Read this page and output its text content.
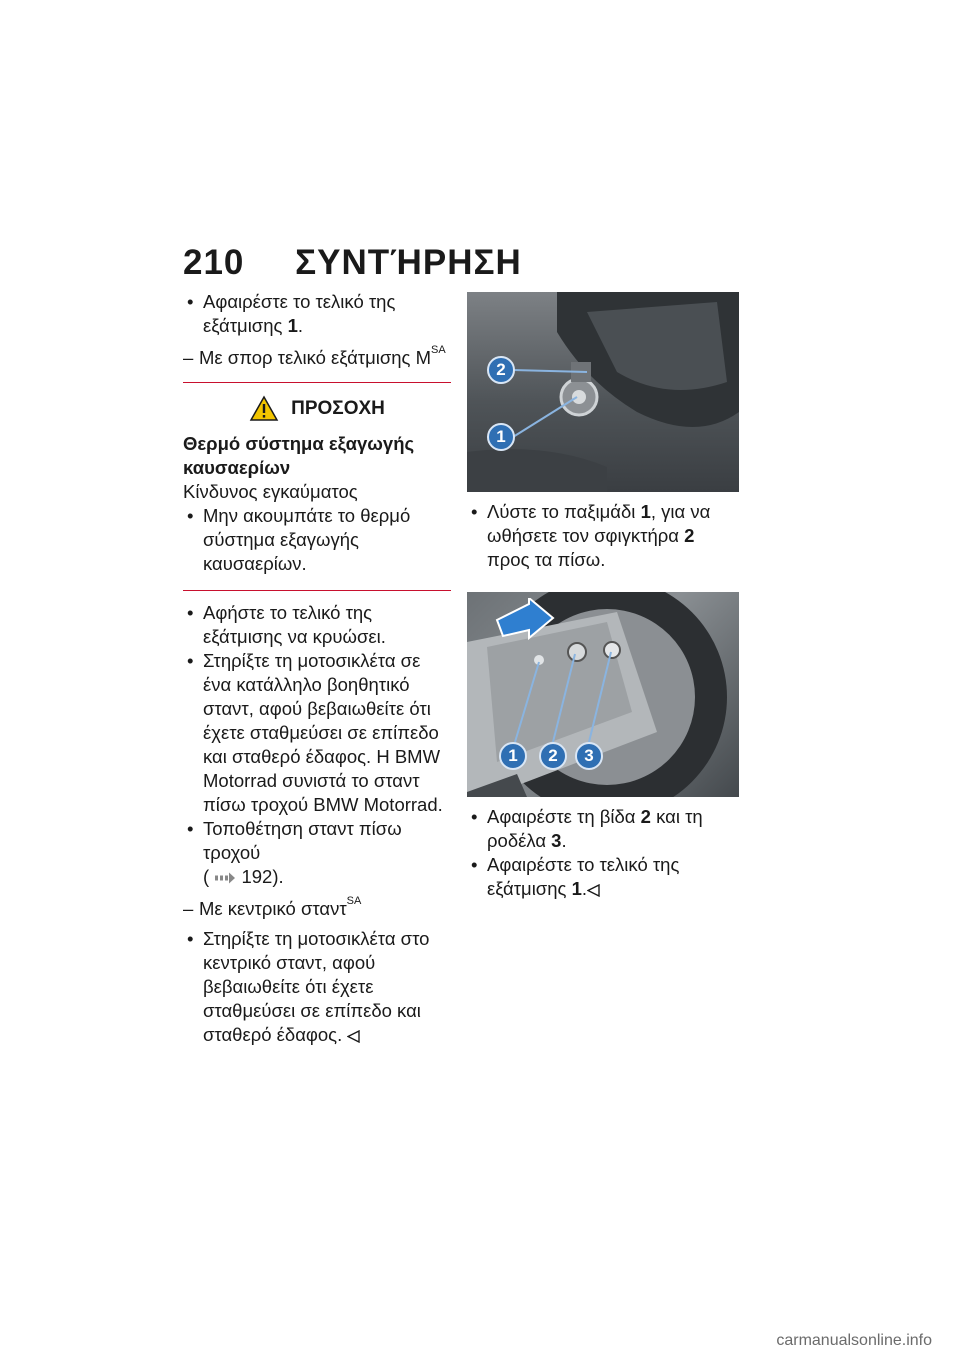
210 ΣΥΝΤΉΡΗΣΗ
• Αφαιρέστε το τελικό της
εξάτμισης 1.
– Με σπορ τελικό εξάτμισης $M^{SA}$
ΠΡΟΣΟΧΗ
Θερμό σύστημα εξαγωγής καυσαερίων
Κίνδυνος εγκαύματος
• Μην ακουμπάτε το θερμό σύστημα εξαγωγής καυσαερίων.
• Αφήστε το τελικό της εξάτμισης να κρυώσει.
• Στηρίξτε τη μοτοσικλέτα σε ένα κατάλληλο βοηθητικό σταντ, αφού βεβαιωθείτε ότι έχετε σταθμεύσει σε επίπεδο και σταθερό έδαφος. Η BMW Motorrad συνιστά το σταντ πίσω τροχού BMW Motorrad.
• Τοποθέτηση σταντ πίσω τροχού
( 192).
– Με κεντρικό σταντ$^{SA}$
• Στηρίξτε τη μοτοσικλέτα στο κεντρικό σταντ, αφού βεβαιωθείτε ότι έχετε σταθμεύσει σε επίπεδο και σταθερό έδαφος.
2
1
• Λύστε το παξιμάδι 1, για να ωθήσετε τον σφιγκτήρα 2 προς τα πίσω.
1	2	3
• Αφαιρέστε τη βίδα 2 και τη ροδέλα 3.
• Αφαιρέστε το τελικό της εξάτμισης 1.
carmanualsonline.info
